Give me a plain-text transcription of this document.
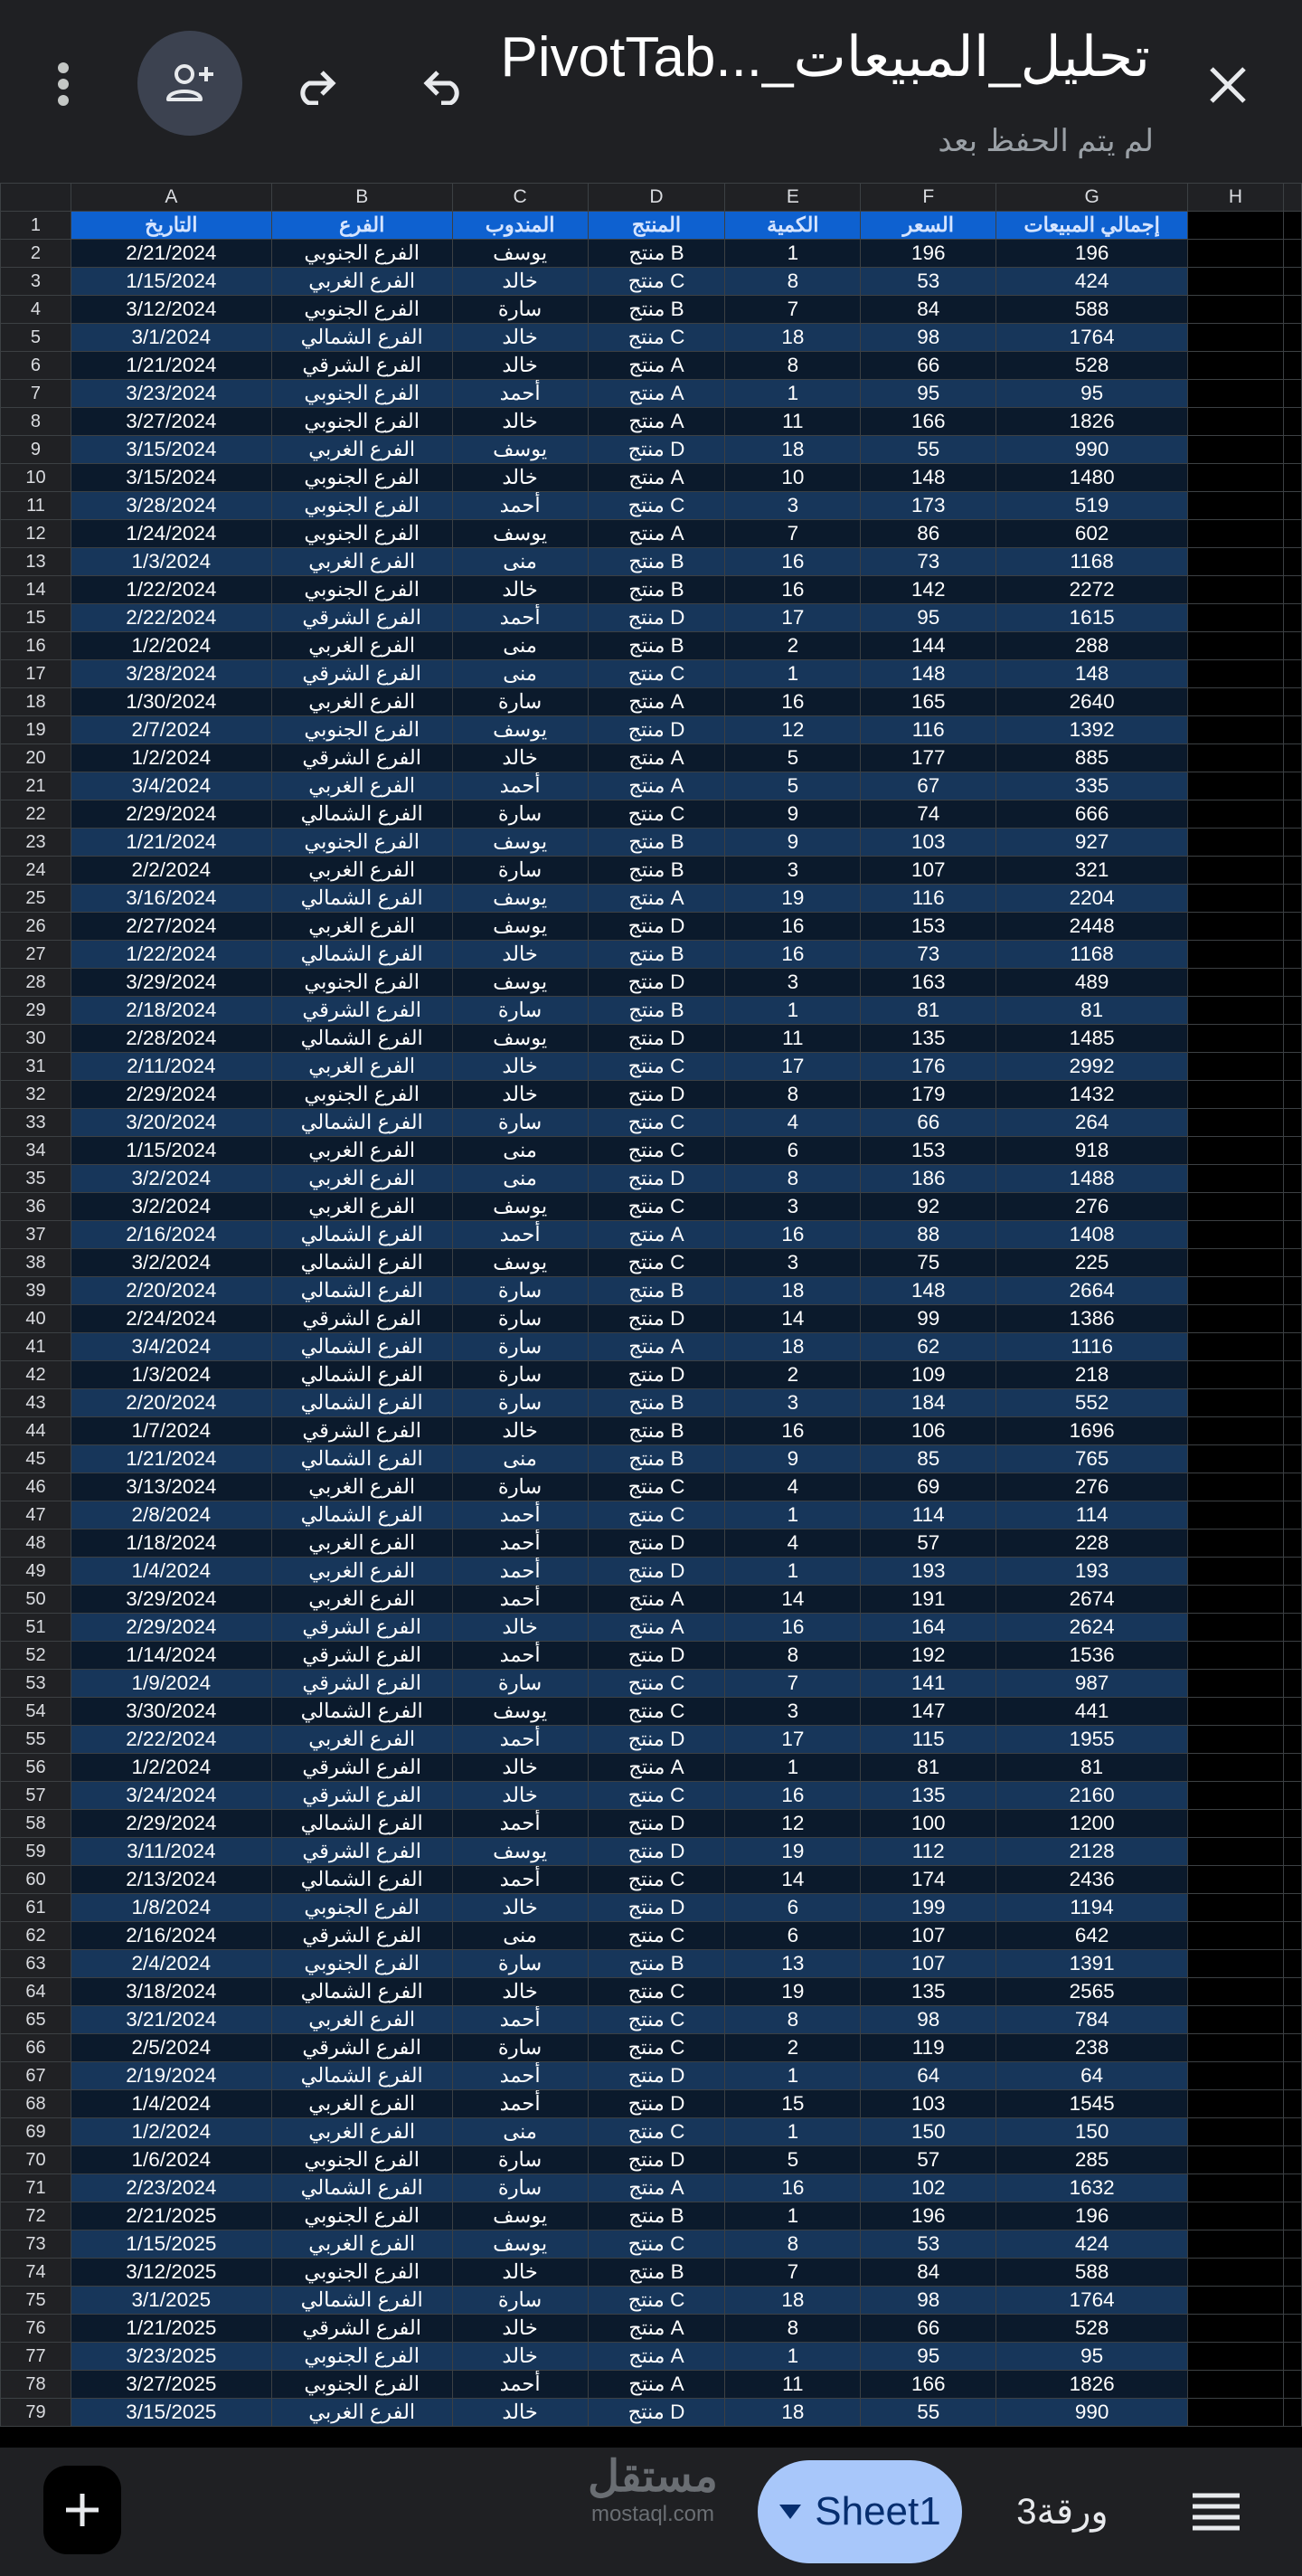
تحليل_المبيعات_...PivotTab
لم يتم الحفظ بعد
	A	B	C	D	E	F	G	H	
1	التاريخ	الفرع	المندوب	المنتج	الكمية	السعر	إجمالي المبيعات		
2	2/21/2024	الفرع الجنوبي	يوسف	منتج B	1	196	196		
3	1/15/2024	الفرع الغربي	خالد	منتج C	8	53	424		
4	3/12/2024	الفرع الجنوبي	سارة	منتج B	7	84	588		
5	3/1/2024	الفرع الشمالي	خالد	منتج C	18	98	1764		
6	1/21/2024	الفرع الشرقي	خالد	منتج A	8	66	528		
7	3/23/2024	الفرع الجنوبي	أحمد	منتج A	1	95	95		
8	3/27/2024	الفرع الجنوبي	خالد	منتج A	11	166	1826		
9	3/15/2024	الفرع الغربي	يوسف	منتج D	18	55	990		
10	3/15/2024	الفرع الجنوبي	خالد	منتج A	10	148	1480		
11	3/28/2024	الفرع الجنوبي	أحمد	منتج C	3	173	519		
12	1/24/2024	الفرع الجنوبي	يوسف	منتج A	7	86	602		
13	1/3/2024	الفرع الغربي	منى	منتج B	16	73	1168		
14	1/22/2024	الفرع الجنوبي	خالد	منتج B	16	142	2272		
15	2/22/2024	الفرع الشرقي	أحمد	منتج D	17	95	1615		
16	1/2/2024	الفرع الغربي	منى	منتج B	2	144	288		
17	3/28/2024	الفرع الشرقي	منى	منتج C	1	148	148		
18	1/30/2024	الفرع الغربي	سارة	منتج A	16	165	2640		
19	2/7/2024	الفرع الجنوبي	يوسف	منتج D	12	116	1392		
20	1/2/2024	الفرع الشرقي	خالد	منتج A	5	177	885		
21	3/4/2024	الفرع الغربي	أحمد	منتج A	5	67	335		
22	2/29/2024	الفرع الشمالي	سارة	منتج C	9	74	666		
23	1/21/2024	الفرع الجنوبي	يوسف	منتج B	9	103	927		
24	2/2/2024	الفرع الغربي	سارة	منتج B	3	107	321		
25	3/16/2024	الفرع الشمالي	يوسف	منتج A	19	116	2204		
26	2/27/2024	الفرع الغربي	يوسف	منتج D	16	153	2448		
27	1/22/2024	الفرع الشمالي	خالد	منتج B	16	73	1168		
28	3/29/2024	الفرع الجنوبي	يوسف	منتج D	3	163	489		
29	2/18/2024	الفرع الشرقي	سارة	منتج B	1	81	81		
30	2/28/2024	الفرع الشمالي	يوسف	منتج D	11	135	1485		
31	2/11/2024	الفرع الغربي	خالد	منتج C	17	176	2992		
32	2/29/2024	الفرع الجنوبي	خالد	منتج D	8	179	1432		
33	3/20/2024	الفرع الشمالي	سارة	منتج C	4	66	264		
34	1/15/2024	الفرع الغربي	منى	منتج C	6	153	918		
35	3/2/2024	الفرع الغربي	منى	منتج D	8	186	1488		
36	3/2/2024	الفرع الغربي	يوسف	منتج C	3	92	276		
37	2/16/2024	الفرع الشمالي	أحمد	منتج A	16	88	1408		
38	3/2/2024	الفرع الشمالي	يوسف	منتج C	3	75	225		
39	2/20/2024	الفرع الشمالي	سارة	منتج B	18	148	2664		
40	2/24/2024	الفرع الشرقي	سارة	منتج D	14	99	1386		
41	3/4/2024	الفرع الشمالي	سارة	منتج A	18	62	1116		
42	1/3/2024	الفرع الشمالي	سارة	منتج D	2	109	218		
43	2/20/2024	الفرع الشمالي	سارة	منتج B	3	184	552		
44	1/7/2024	الفرع الشرقي	خالد	منتج B	16	106	1696		
45	1/21/2024	الفرع الشمالي	منى	منتج B	9	85	765		
46	3/13/2024	الفرع الغربي	سارة	منتج C	4	69	276		
47	2/8/2024	الفرع الشمالي	أحمد	منتج C	1	114	114		
48	1/18/2024	الفرع الغربي	أحمد	منتج D	4	57	228		
49	1/4/2024	الفرع الغربي	أحمد	منتج D	1	193	193		
50	3/29/2024	الفرع الغربي	أحمد	منتج A	14	191	2674		
51	2/29/2024	الفرع الشرقي	خالد	منتج A	16	164	2624		
52	1/14/2024	الفرع الشرقي	أحمد	منتج D	8	192	1536		
53	1/9/2024	الفرع الشرقي	سارة	منتج C	7	141	987		
54	3/30/2024	الفرع الشمالي	يوسف	منتج C	3	147	441		
55	2/22/2024	الفرع الغربي	أحمد	منتج D	17	115	1955		
56	1/2/2024	الفرع الشرقي	خالد	منتج A	1	81	81		
57	3/24/2024	الفرع الشرقي	خالد	منتج C	16	135	2160		
58	2/29/2024	الفرع الشمالي	أحمد	منتج D	12	100	1200		
59	3/11/2024	الفرع الشرقي	يوسف	منتج D	19	112	2128		
60	2/13/2024	الفرع الشمالي	أحمد	منتج C	14	174	2436		
61	1/8/2024	الفرع الجنوبي	خالد	منتج D	6	199	1194		
62	2/16/2024	الفرع الشرقي	منى	منتج C	6	107	642		
63	2/4/2024	الفرع الجنوبي	سارة	منتج B	13	107	1391		
64	3/18/2024	الفرع الشمالي	خالد	منتج C	19	135	2565		
65	3/21/2024	الفرع الغربي	أحمد	منتج C	8	98	784		
66	2/5/2024	الفرع الشرقي	سارة	منتج C	2	119	238		
67	2/19/2024	الفرع الشمالي	أحمد	منتج D	1	64	64		
68	1/4/2024	الفرع الغربي	أحمد	منتج D	15	103	1545		
69	1/2/2024	الفرع الغربي	منى	منتج C	1	150	150		
70	1/6/2024	الفرع الجنوبي	سارة	منتج D	5	57	285		
71	2/23/2024	الفرع الشمالي	سارة	منتج A	16	102	1632		
72	2/21/2025	الفرع الجنوبي	يوسف	منتج B	1	196	196		
73	1/15/2025	الفرع الغربي	يوسف	منتج C	8	53	424		
74	3/12/2025	الفرع الجنوبي	خالد	منتج B	7	84	588		
75	3/1/2025	الفرع الشمالي	سارة	منتج C	18	98	1764		
76	1/21/2025	الفرع الشرقي	خالد	منتج A	8	66	528		
77	3/23/2025	الفرع الجنوبي	خالد	منتج A	1	95	95		
78	3/27/2025	الفرع الجنوبي	أحمد	منتج A	11	166	1826		
79	3/15/2025	الفرع الغربي	خالد	منتج D	18	55	990		
Sheet1 ورقة3
مستقل
mostaql.com
